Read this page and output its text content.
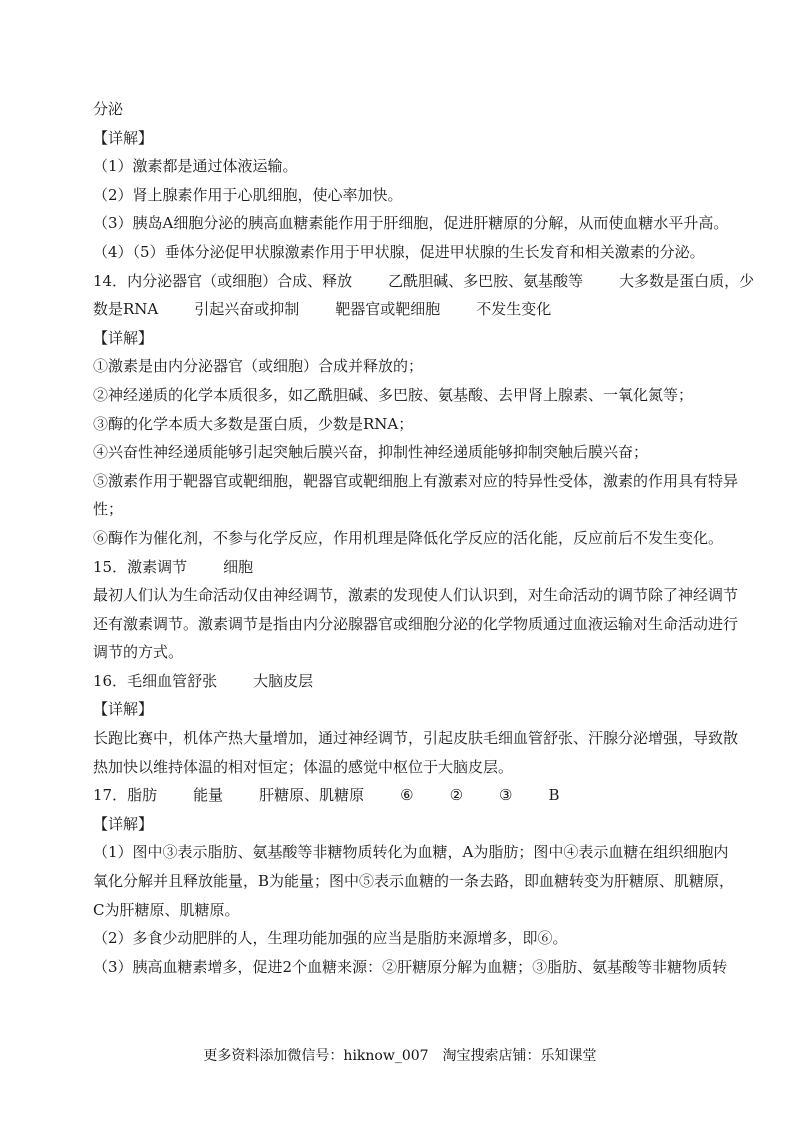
分泌
【详解】
（1）激素都是通过体液运输。
（2）肾上腺素作用于心肌细胞，使心率加快。
（3）胰岛A细胞分泌的胰高血糖素能作用于肝细胞，促进肝糖原的分解，从而使血糖水平升高。
（4）（5）垂体分泌促甲状腺激素作用于甲状腺，促进甲状腺的生长发育和相关激素的分泌。
14．内分泌器官（或细胞）合成、释放 乙酰胆碱、多巴胺、氨基酸等 大多数是蛋白质，少
数是RNA 引起兴奋或抑制 靶器官或靶细胞 不发生变化
【详解】
①激素是由内分泌器官（或细胞）合成并释放的；
②神经递质的化学本质很多，如乙酰胆碱、多巴胺、氨基酸、去甲肾上腺素、一氧化氮等；
③酶的化学本质大多数是蛋白质，少数是RNA；
④兴奋性神经递质能够引起突触后膜兴奋，抑制性神经递质能够抑制突触后膜兴奋；
⑤激素作用于靶器官或靶细胞，靶器官或靶细胞上有激素对应的特异性受体，激素的作用具有特异
性；
⑥酶作为催化剂，不参与化学反应，作用机理是降低化学反应的活化能，反应前后不发生变化。
15．激素调节 细胞
最初人们认为生命活动仅由神经调节，激素的发现使人们认识到，对生命活动的调节除了神经调节
还有激素调节。激素调节是指由内分泌腺器官或细胞分泌的化学物质通过血液运输对生命活动进行
调节的方式。
16．毛细血管舒张 大脑皮层
【详解】
长跑比赛中，机体产热大量增加，通过神经调节，引起皮肤毛细血管舒张、汗腺分泌增强，导致散
热加快以维持体温的相对恒定；体温的感觉中枢位于大脑皮层。
17．脂肪 能量 肝糖原、肌糖原 ⑥ ② ③ B
【详解】
（1）图中③表示脂肪、氨基酸等非糖物质转化为血糖，A为脂肪；图中④表示血糖在组织细胞内
氧化分解并且释放能量，B为能量；图中⑤表示血糖的一条去路，即血糖转变为肝糖原、肌糖原，
C为肝糖原、肌糖原。
（2）多食少动肥胖的人，生理功能加强的应当是脂肪来源增多，即⑥。
（3）胰高血糖素增多，促进2个血糖来源：②肝糖原分解为血糖；③脂肪、氨基酸等非糖物质转
更多资料添加微信号：hiknow_007　淘宝搜索店铺：乐知课堂
